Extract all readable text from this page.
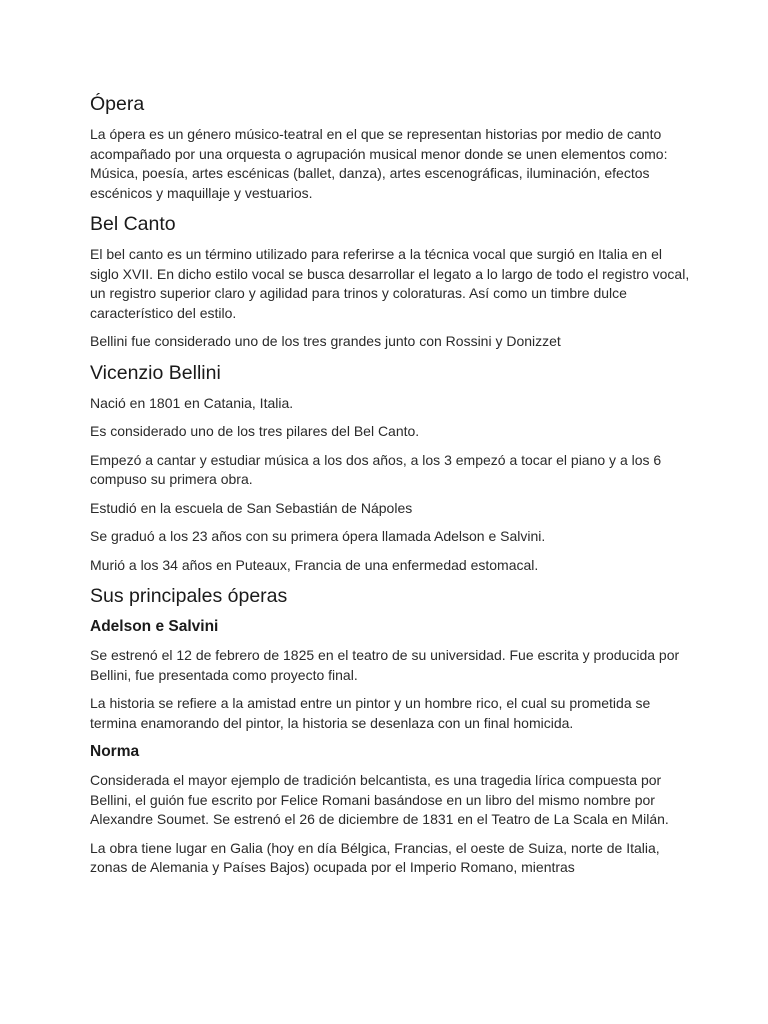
Ópera

La ópera es un género músico-teatral en el que se representan historias por medio de canto acompañado por una orquesta o agrupación musical menor donde se unen elementos como: Música, poesía, artes escénicas (ballet, danza), artes escenográficas, iluminación, efectos escénicos y maquillaje y vestuarios.

Bel Canto

El bel canto es un término utilizado para referirse a la técnica vocal que surgió en Italia en el siglo XVII. En dicho estilo vocal se busca desarrollar el legato a lo largo de todo el registro vocal, un registro superior claro y agilidad para trinos y coloraturas. Así como un timbre dulce característico del estilo.

Bellini fue considerado uno de los tres grandes junto con Rossini y Donizzet

Vicenzio Bellini

Nació en 1801 en Catania, Italia.

Es considerado uno de los tres pilares del Bel Canto.

Empezó a cantar y estudiar música a los dos años, a los 3 empezó a tocar el piano y a los 6 compuso su primera obra.

Estudió en la escuela de San Sebastián de Nápoles

Se graduó a los 23 años con su primera ópera llamada Adelson e Salvini.

Murió a los 34 años en Puteaux, Francia de una enfermedad estomacal.

Sus principales óperas
Adelson e Salvini

Se estrenó el 12 de febrero de 1825 en el teatro de su universidad. Fue escrita y producida por Bellini, fue presentada como proyecto final.

La historia se refiere a la amistad entre un pintor y un hombre rico, el cual su prometida se termina enamorando del pintor, la historia se desenlaza con un final homicida.

Norma

Considerada el mayor ejemplo de tradición belcantista, es una tragedia lírica compuesta por Bellini, el guión fue escrito por Felice Romani basándose en un libro del mismo nombre por Alexandre Soumet. Se estrenó el 26 de diciembre de 1831 en el Teatro de La Scala en Milán.

La obra tiene lugar en Galia (hoy en día Bélgica, Francias, el oeste de Suiza, norte de Italia, zonas de Alemania y Países Bajos) ocupada por el Imperio Romano, mientras
